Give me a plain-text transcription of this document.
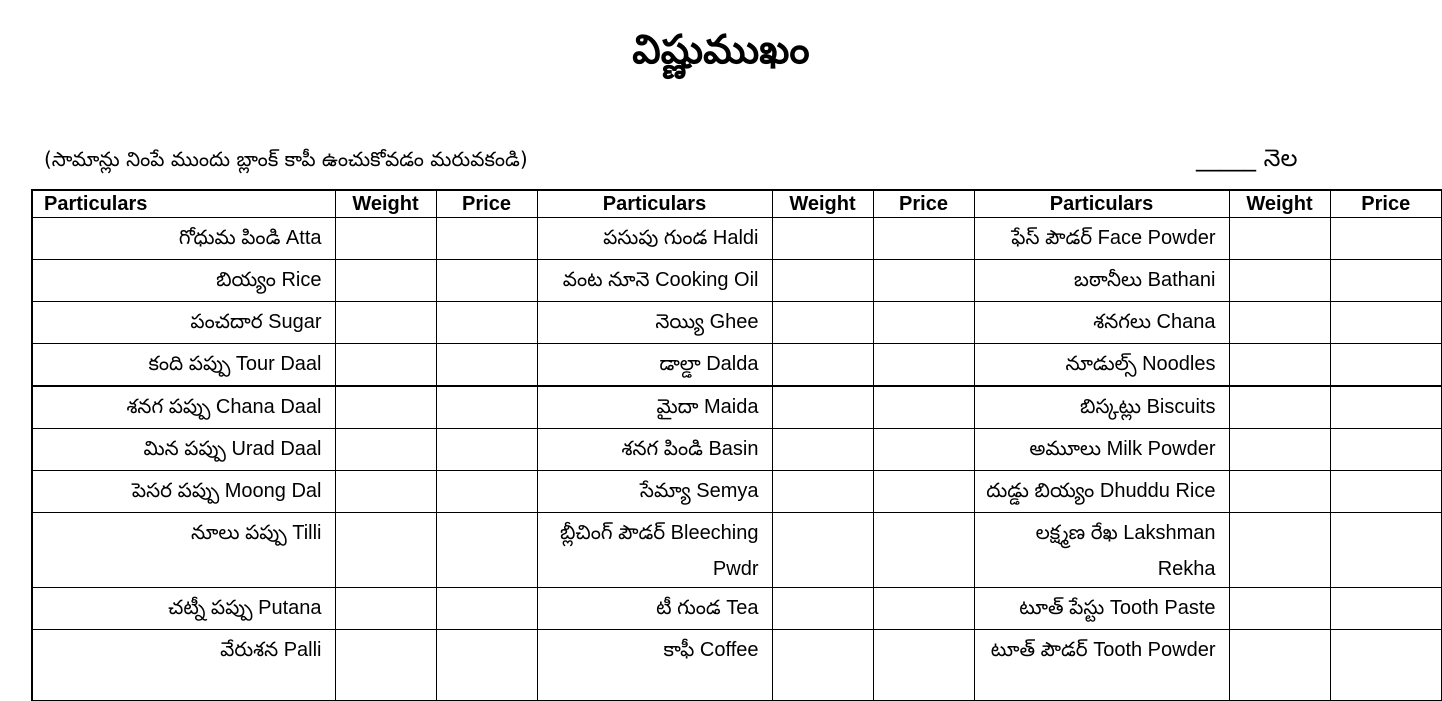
విష్ణుముఖం
(సామాన్లు నింపే ముందు బ్లాంక్ కాపీ ఉంచుకోవడం మరువకండి)	_____ నెల
Particulars	Weight	Price	Particulars	Weight	Price	Particulars	Weight	Price

గోధుమ పిండి Atta			పసుపు గుండ Haldi			ఫేస్ పౌడర్ Face Powder		

బియ్యం Rice			వంట నూనె Cooking Oil			బఠానీలు Bathani		

పంచదార Sugar			నెయ్యి Ghee			శనగలు Chana		

కంది పప్పు Tour Daal			డాల్డా Dalda			నూడుల్స్ Noodles		

శనగ పప్పు Chana Daal			మైదా Maida			బిస్కట్లు Biscuits		

మిన పప్పు Urad Daal			శనగ పిండి Basin			అమూలు Milk Powder		

పెసర పప్పు Moong Dal			సేమ్యా Semya			దుడ్డు బియ్యం Dhuddu Rice		

నూలు పప్పు Tilli			బ్లీచింగ్ పౌడర్ Bleeching Pwdr			లక్ష్మణ రేఖ Lakshman Rekha		

చట్నీ పప్పు Putana			టీ గుండ Tea			టూత్ పేస్టు Tooth Paste		

వేరుశన Palli			కాఫీ Coffee			టూత్ పౌడర్ Tooth Powder		
